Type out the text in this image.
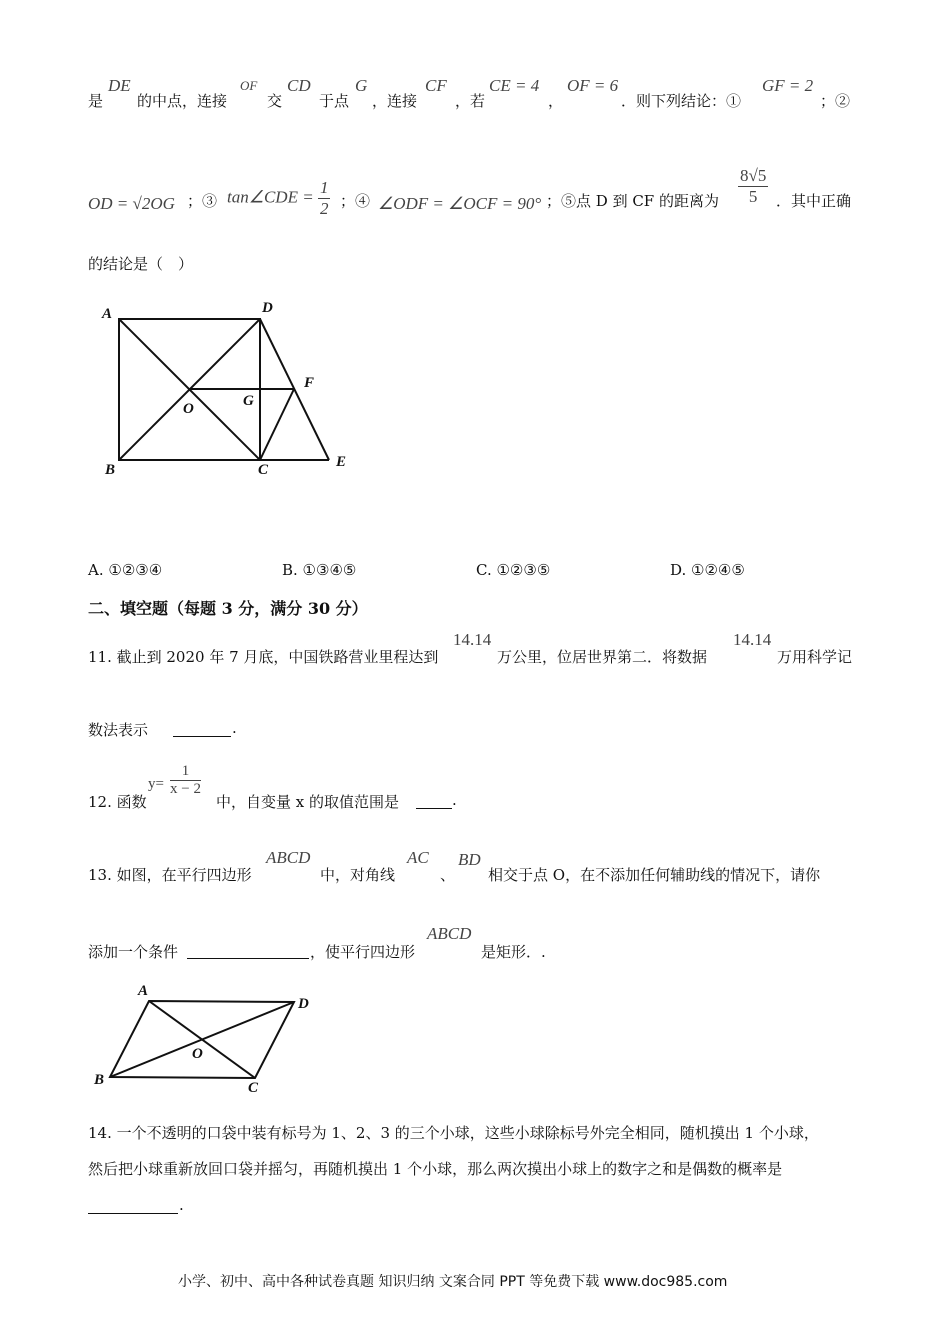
是
DE
的中点，连接
OF
交
CD
于点
G
，连接
CF
，若
CE = 4
，
OF = 6
．则下列结论：①
GF = 2
；②
OD = √2OG ；③ tan∠CDE = $\frac{1}{2}$ ；④ ∠ODF = ∠OCF = 90° ；⑤点 D 到 CF 的距离为 $\frac{8√5}{5}$ ．其中正确
的结论是（　）
A	D
F
O	G
B	C	E
A. ①②③④	B. ①③④⑤	C. ①②③⑤	D. ①②④⑤
二、填空题（每题 3 分，满分 30 分）
11. 截止到 2020 年 7 月底，中国铁路营业里程达到
14.14
万公里，位居世界第二．将数据
14.14
万用科学记
数法表示	.
12. 函数
$y= \frac{1}{x - 2}$
中，自变量 x 的取值范围是	.
13. 如图，在平行四边形
ABCD
中，对角线
AC
、
BD
相交于点 O，在不添加任何辅助线的情况下，请你
添加一个条件	，使平行四边形
ABCD
是矩形．.
A
D
O
B	C
14. 一个不透明的口袋中装有标号为 1、2、3 的三个小球，这些小球除标号外完全相同，随机摸出 1 个小球，
然后把小球重新放回口袋并摇匀，再随机摸出 1 个小球，那么两次摸出小球上的数字之和是偶数的概率是
.
小学、初中、高中各种试卷真题 知识归纳 文案合同 PPT 等免费下载 www.doc985.com
